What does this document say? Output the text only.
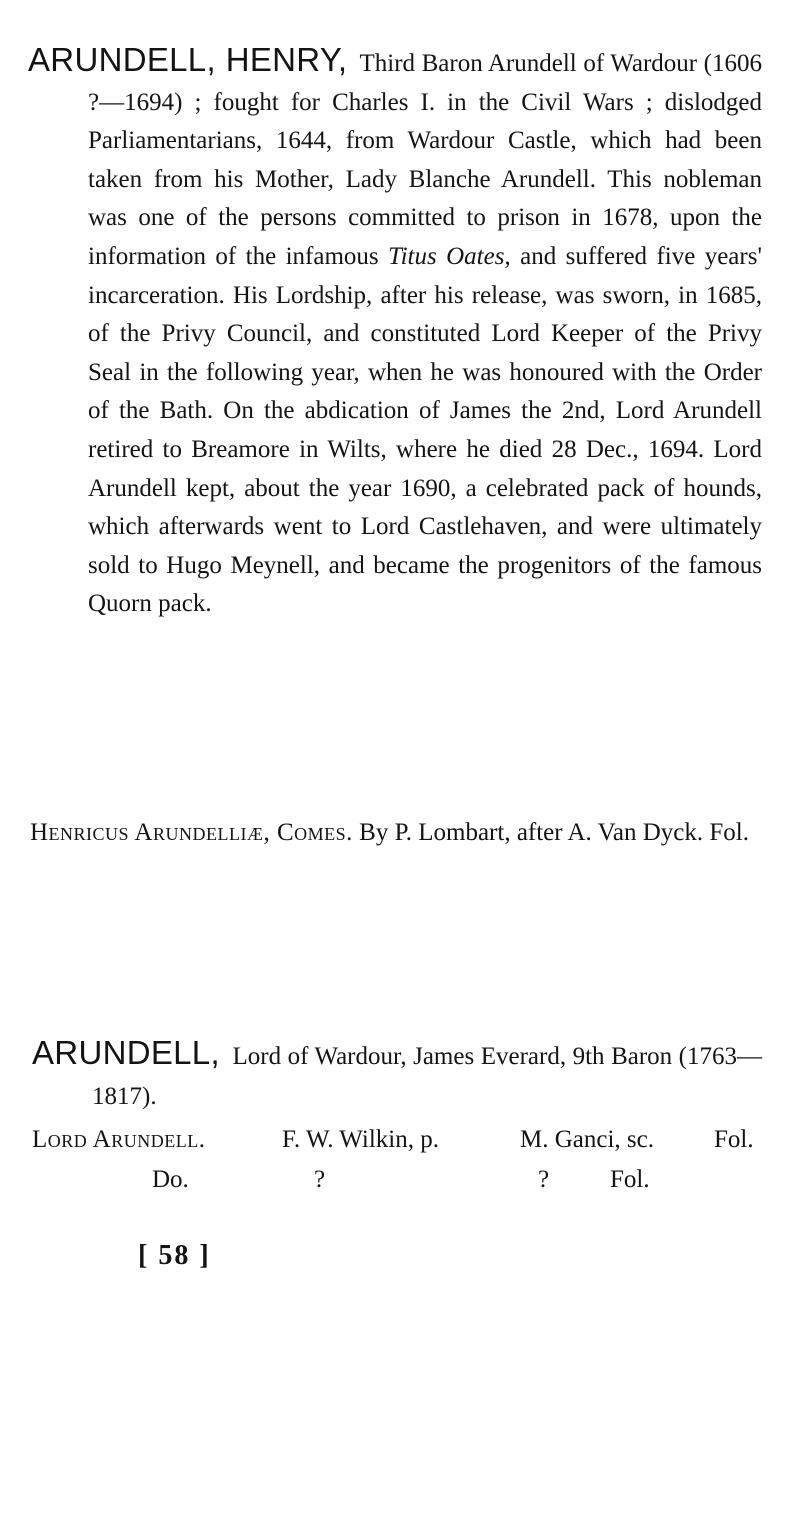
ARUNDELL, HENRY, Third Baron Arundell of Wardour (1606 ?—1694) ; fought for Charles I. in the Civil Wars ; dislodged Parliamentarians, 1644, from Wardour Castle, which had been taken from his Mother, Lady Blanche Arundell. This nobleman was one of the persons committed to prison in 1678, upon the information of the infamous Titus Oates, and suffered five years' incarceration. His Lordship, after his release, was sworn, in 1685, of the Privy Council, and constituted Lord Keeper of the Privy Seal in the following year, when he was honoured with the Order of the Bath. On the abdication of James the 2nd, Lord Arundell retired to Breamore in Wilts, where he died 28 Dec., 1694. Lord Arundell kept, about the year 1690, a celebrated pack of hounds, which afterwards went to Lord Castlehaven, and were ultimately sold to Hugo Meynell, and became the progenitors of the famous Quorn pack.

Henricus Arundelliæ, Comes. By P. Lombart, after A. Van Dyck. Fol.

ARUNDELL, Lord of Wardour, James Everard, 9th Baron (1763—1817).

Lord Arundell.	F. W. Wilkin, p.	M. Ganci, sc. Fol.
Do.	?	? Fol.
[ 58 ]
